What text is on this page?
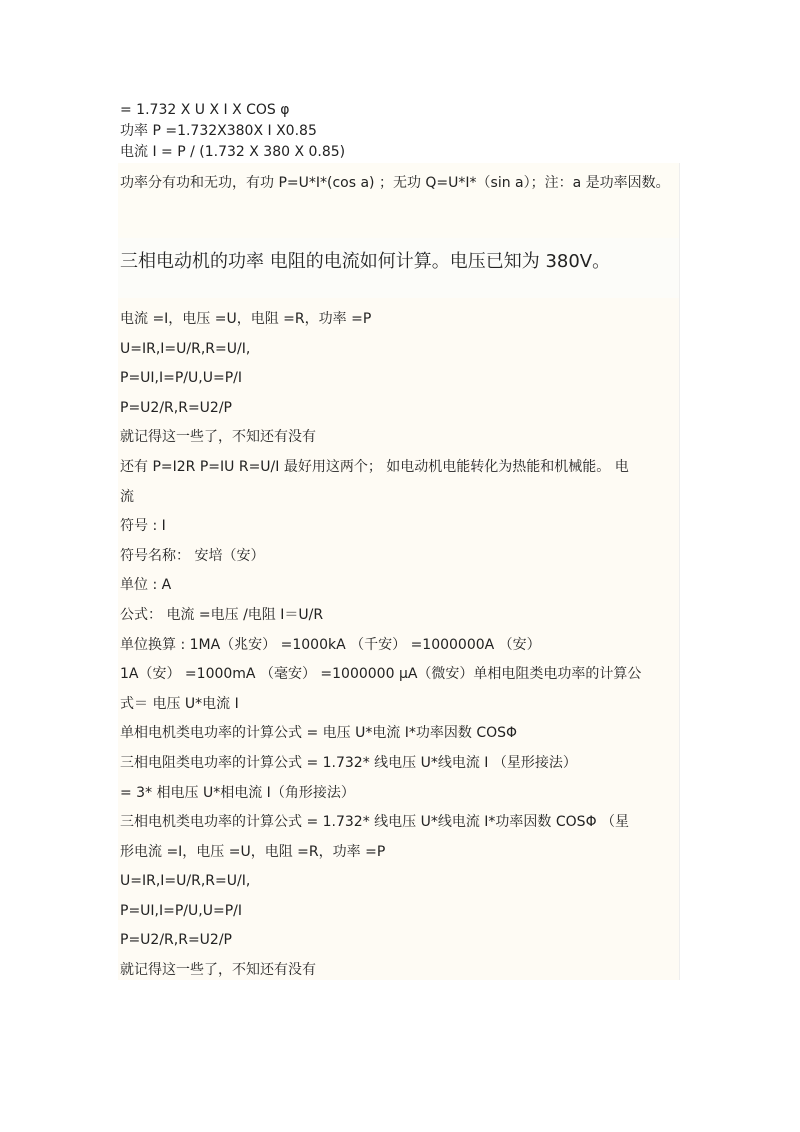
= 1.732 X U X I X COS φ
功率 P =1.732X380X I X0.85
电流 I = P / (1.732 X 380 X 0.85)
功率分有功和无功，有功 P=U*I*(cos a) ；无功 Q=U*I*（sin a）；注：a 是功率因数。
三相电动机的功率 电阻的电流如何计算。电压已知为 380V。
电流 =I，电压 =U，电阻 =R，功率 =P
U=IR,I=U/R,R=U/I,
P=UI,I=P/U,U=P/I
P=U2/R,R=U2/P
就记得这一些了，不知还有没有
还有 P=I2R P=IU R=U/I 最好用这两个； 如电动机电能转化为热能和机械能。 电
流
符号 : I
符号名称： 安培（安）
单位 : A
公式： 电流 =电压 /电阻 I＝U/R
单位换算 : 1MA（兆安） =1000kA （千安） =1000000A （安）
1A（安） =1000mA （毫安） =1000000 μA（微安）单相电阻类电功率的计算公
式＝ 电压 U*电流 I
单相电机类电功率的计算公式 = 电压 U*电流 I*功率因数 COSΦ
三相电阻类电功率的计算公式 = 1.732* 线电压 U*线电流 I （星形接法）
= 3* 相电压 U*相电流 I（角形接法）
三相电机类电功率的计算公式 = 1.732* 线电压 U*线电流 I*功率因数 COSΦ （星
形电流 =I，电压 =U，电阻 =R，功率 =P
U=IR,I=U/R,R=U/I,
P=UI,I=P/U,U=P/I
P=U2/R,R=U2/P
就记得这一些了，不知还有没有
